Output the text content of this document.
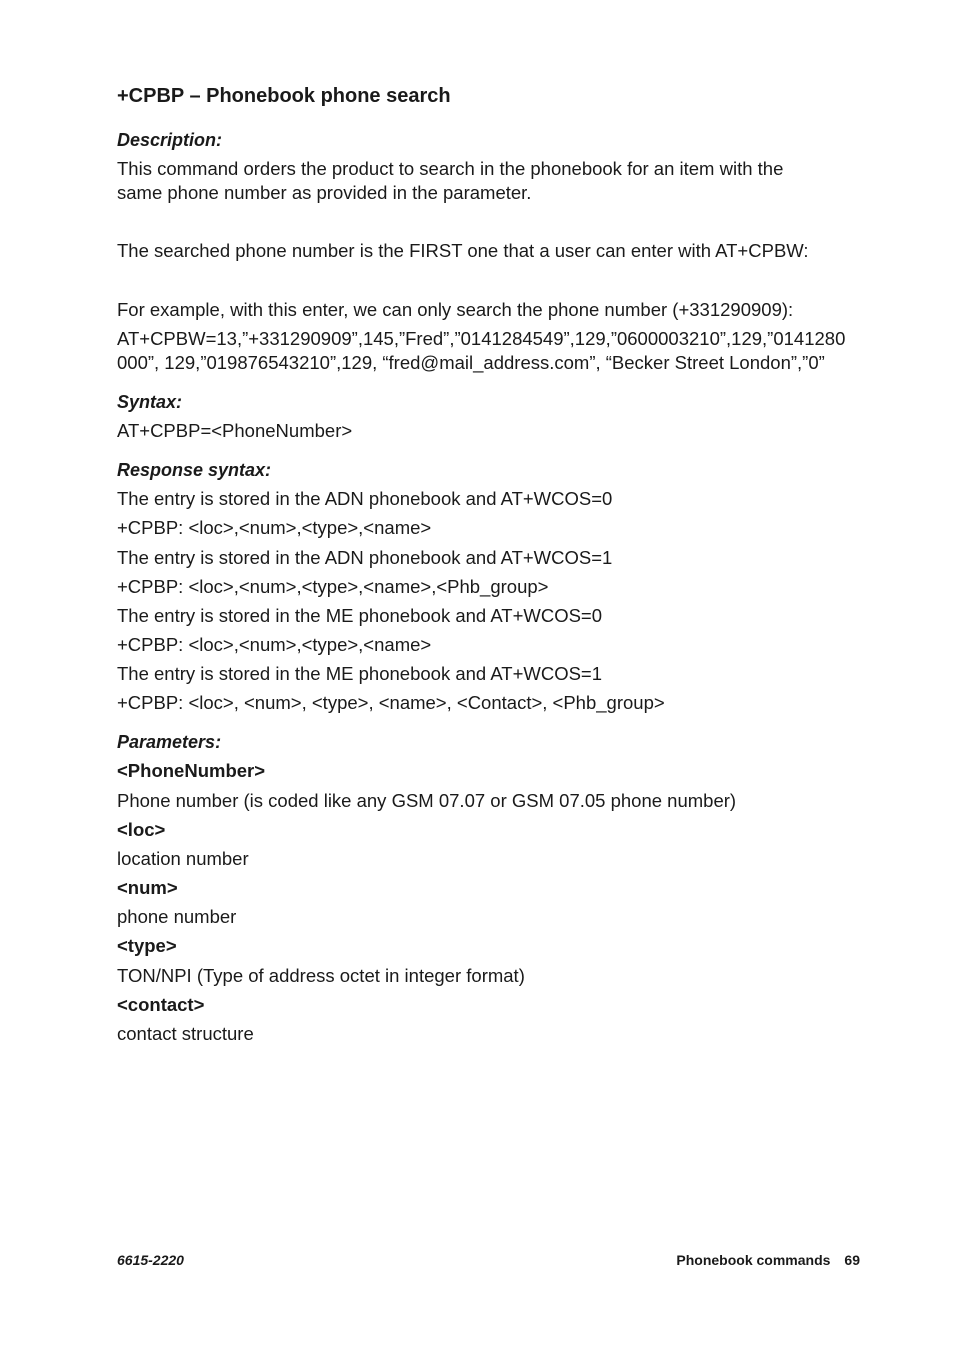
+CPBP – Phonebook phone search

Description:

This command orders the product to search in the phonebook for an item with the

same phone number as provided in the parameter.

The searched phone number is the FIRST one that a user can enter with AT+CPBW:

For example, with this enter, we can only search the phone number (+331290909):

AT+CPBW=13,”+331290909”,145,”Fred”,”0141284549”,129,”0600003210”,129,”0141280

000”, 129,”019876543210”,129, “fred@mail_address.com”, “Becker Street London”,”0”

Syntax:

AT+CPBP=<PhoneNumber>

Response syntax:

The entry is stored in the ADN phonebook and AT+WCOS=0

+CPBP: <loc>,<num>,<type>,<name>

The entry is stored in the ADN phonebook and AT+WCOS=1

+CPBP: <loc>,<num>,<type>,<name>,<Phb_group>

The entry is stored in the ME phonebook and AT+WCOS=0

+CPBP: <loc>,<num>,<type>,<name>

The entry is stored in the ME phonebook and AT+WCOS=1

+CPBP: <loc>, <num>, <type>, <name>, <Contact>, <Phb_group>

Parameters:

<PhoneNumber>

Phone number (is coded like any GSM 07.07 or GSM 07.05 phone number)

<loc>

location number

<num>

phone number

<type>

TON/NPI (Type of address octet in integer format)

<contact>

contact structure

6615-2220	Phonebook commands 69
